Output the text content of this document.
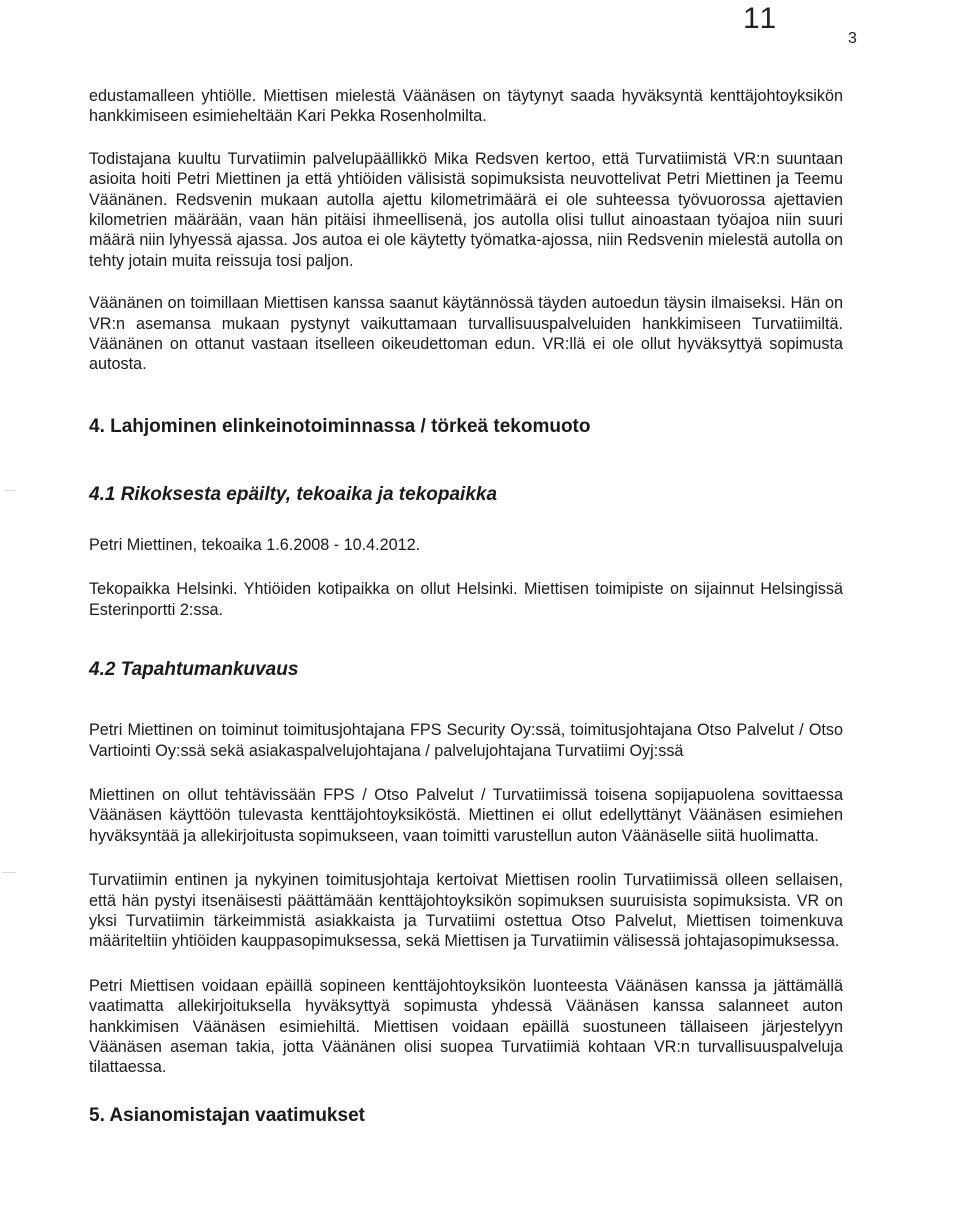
11
3

edustamalleen yhtiölle. Miettisen mielestä Väänäsen on täytynyt saada hyväksyntä kenttäjohtoyksikön hankkimiseen esimieheltään Kari Pekka Rosenholmilta.

Todistajana kuultu Turvatiimin palvelupäällikkö Mika Redsven kertoo, että Turvatiimistä VR:n suuntaan asioita hoiti Petri Miettinen ja että yhtiöiden välisistä sopimuksista neuvottelivat Petri Miettinen ja Teemu Väänänen. Redsvenin mukaan autolla ajettu kilometrimäärä ei ole suhteessa työvuorossa ajettavien kilometrien määrään, vaan hän pitäisi ihmeellisenä, jos autolla olisi tullut ainoastaan työajoa niin suuri määrä niin lyhyessä ajassa. Jos autoa ei ole käytetty työmatka-ajossa, niin Redsvenin mielestä autolla on tehty jotain muita reissuja tosi paljon.

Väänänen on toimillaan Miettisen kanssa saanut käytännössä täyden autoedun täysin ilmaiseksi. Hän on VR:n asemansa mukaan pystynyt vaikuttamaan turvallisuuspalveluiden hankkimiseen Turvatiimiltä. Väänänen on ottanut vastaan itselleen oikeudettoman edun. VR:llä ei ole ollut hyväksyttyä sopimusta autosta.

4. Lahjominen elinkeinotoiminnassa / törkeä tekomuoto
4.1 Rikoksesta epäilty, tekoaika ja tekopaikka

Petri Miettinen, tekoaika 1.6.2008 - 10.4.2012.

Tekopaikka Helsinki. Yhtiöiden kotipaikka on ollut Helsinki. Miettisen toimipiste on sijainnut Helsingissä Esterinportti 2:ssa.

4.2 Tapahtumankuvaus

Petri Miettinen on toiminut toimitusjohtajana FPS Security Oy:ssä, toimitusjohtajana Otso Palvelut / Otso Vartiointi Oy:ssä sekä asiakaspalvelujohtajana / palvelujohtajana Turvatiimi Oyj:ssä

Miettinen on ollut tehtävissään FPS / Otso Palvelut / Turvatiimissä toisena sopijapuolena sovittaessa Väänäsen käyttöön tulevasta kenttäjohtoyksiköstä. Miettinen ei ollut edellyttänyt Väänäsen esimiehen hyväksyntää ja allekirjoitusta sopimukseen, vaan toimitti varustellun auton Väänäselle siitä huolimatta.

Turvatiimin entinen ja nykyinen toimitusjohtaja kertoivat Miettisen roolin Turvatiimissä olleen sellaisen, että hän pystyi itsenäisesti päättämään kenttäjohtoyksikön sopimuksen suuruisista sopimuksista. VR on yksi Turvatiimin tärkeimmistä asiakkaista ja Turvatiimi ostettua Otso Palvelut, Miettisen toimenkuva määriteltiin yhtiöiden kauppasopimuksessa, sekä Miettisen ja Turvatiimin välisessä johtajasopimuksessa.

Petri Miettisen voidaan epäillä sopineen kenttäjohtoyksikön luonteesta Väänäsen kanssa ja jättämällä vaatimatta allekirjoituksella hyväksyttyä sopimusta yhdessä Väänäsen kanssa salanneet auton hankkimisen Väänäsen esimiehiltä. Miettisen voidaan epäillä suostuneen tällaiseen järjestelyyn Väänäsen aseman takia, jotta Väänänen olisi suopea Turvatiimiä kohtaan VR:n turvallisuuspalveluja tilattaessa.

5. Asianomistajan vaatimukset
